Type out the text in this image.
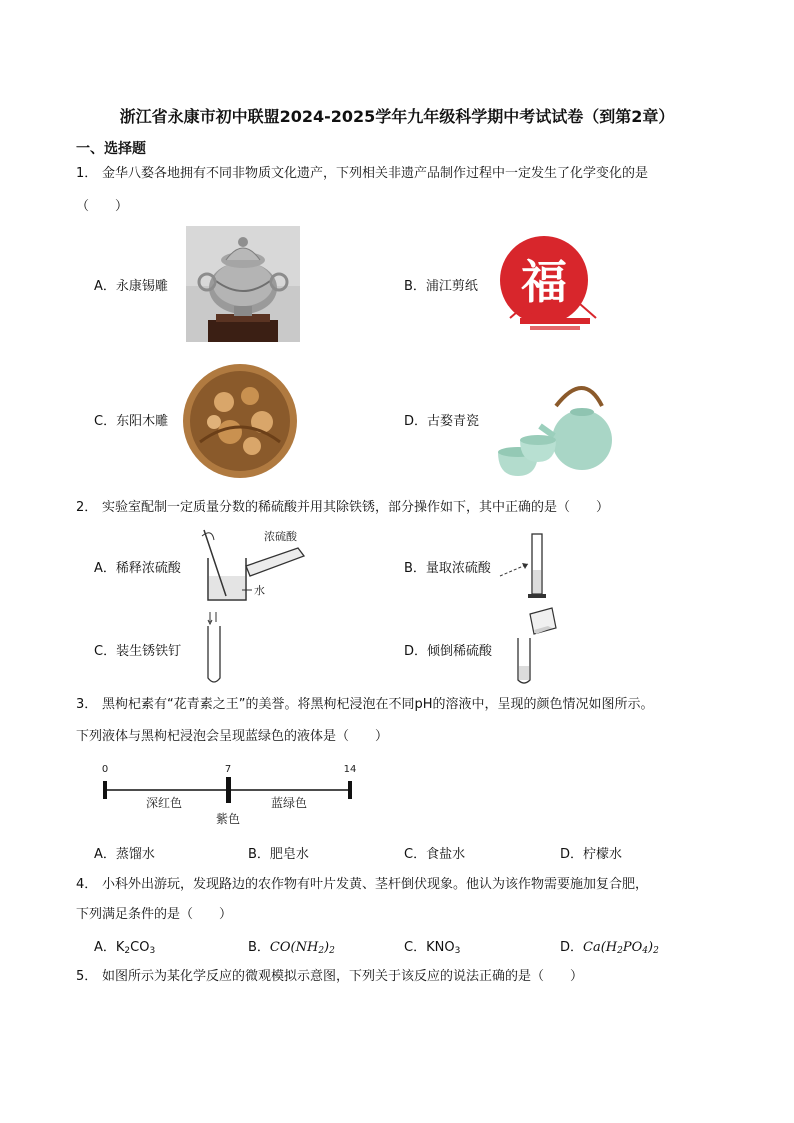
浙江省永康市初中联盟2024-2025学年九年级科学期中考试试卷（到第2章）
一、选择题
1． 金华八婺各地拥有不同非物质文化遗产，下列相关非遗产品制作过程中一定发生了化学变化的是
（　　）
A．永康锡雕	B．浦江剪纸 福
C．东阳木雕	D．古婺青瓷
2． 实验室配制一定质量分数的稀硫酸并用其除铁锈，部分操作如下，其中正确的是（　　）
A．稀释浓硫酸
浓硫酸
水
B．量取浓硫酸
C．装生锈铁钉	D．倾倒稀硫酸
3． 黑枸杞素有“花青素之王”的美誉。将黑枸杞浸泡在不同pH的溶液中，呈现的颜色情况如图所示。
下列液体与黑枸杞浸泡会呈现蓝绿色的液体是（　　）
0	7	14
深红色	蓝绿色
紫色
A．蒸馏水	B．肥皂水	C．食盐水	D．柠檬水
4． 小科外出游玩，发现路边的农作物有叶片发黄、茎杆倒伏现象。他认为该作物需要施加复合肥，
下列满足条件的是（　　）
A．$K_2CO_3$	B．$CO(NH_2)_2$	C．$KNO_3$	D．$Ca(H_2PO_4)_2$
5． 如图所示为某化学反应的微观模拟示意图，下列关于该反应的说法正确的是（　　）
